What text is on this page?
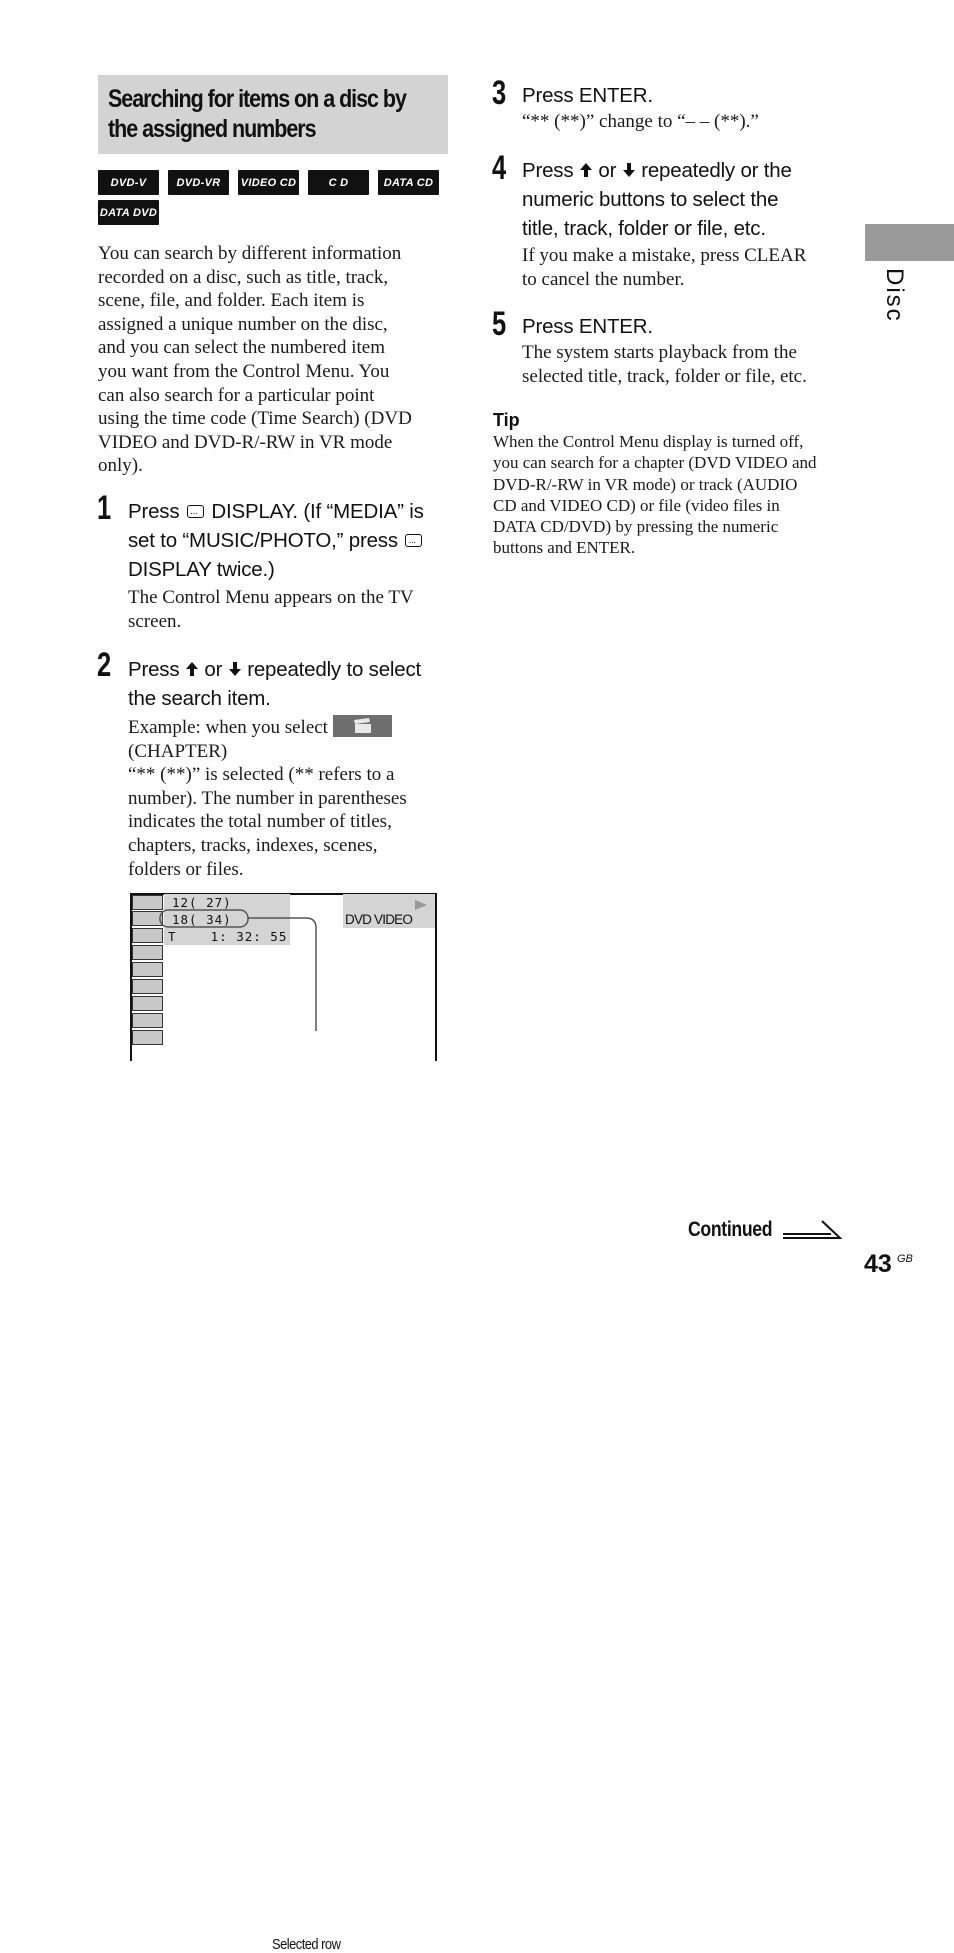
Searching for items on a disc by
the assigned numbers
DVD-V	DVD-VR	VIDEO CD	C D	DATA CD
DATA DVD

You can search by different information

recorded on a disc, such as title, track,

scene, file, and folder. Each item is

assigned a unique number on the disc,

and you can select the numbered item

you want from the Control Menu. You

can also search for a particular point

using the time code (Time Search) (DVD

VIDEO and DVD-R/-RW in VR mode

only).

1 Press ··· DISPLAY. (If “MEDIA” is

set to “MUSIC/PHOTO,” press ···

DISPLAY twice.)

The Control Menu appears on the TV

screen.

2 Press or repeatedly to select

the search item.

Example: when you select

(CHAPTER)

“** (**)” is selected (** refers to a

number). The number in parentheses

indicates the total number of titles,

chapters, tracks, indexes, scenes,

folders or files.

12( 27)
18( 34)
T    1: 32: 55
DVD VIDEO
Selected row
3 Press ENTER.

“** (**)” change to “– – (**).”

4 Press or repeatedly or the

numeric buttons to select the

title, track, folder or file, etc.

If you make a mistake, press CLEAR

to cancel the number.

5 Press ENTER.

The system starts playback from the

selected title, track, folder or file, etc.

Tip

When the Control Menu display is turned off,

you can search for a chapter (DVD VIDEO and

DVD-R/-RW in VR mode) or track (AUDIO

CD and VIDEO CD) or file (video files in

DATA CD/DVD) by pressing the numeric

buttons and ENTER.

Disc
Continued
43 GB
